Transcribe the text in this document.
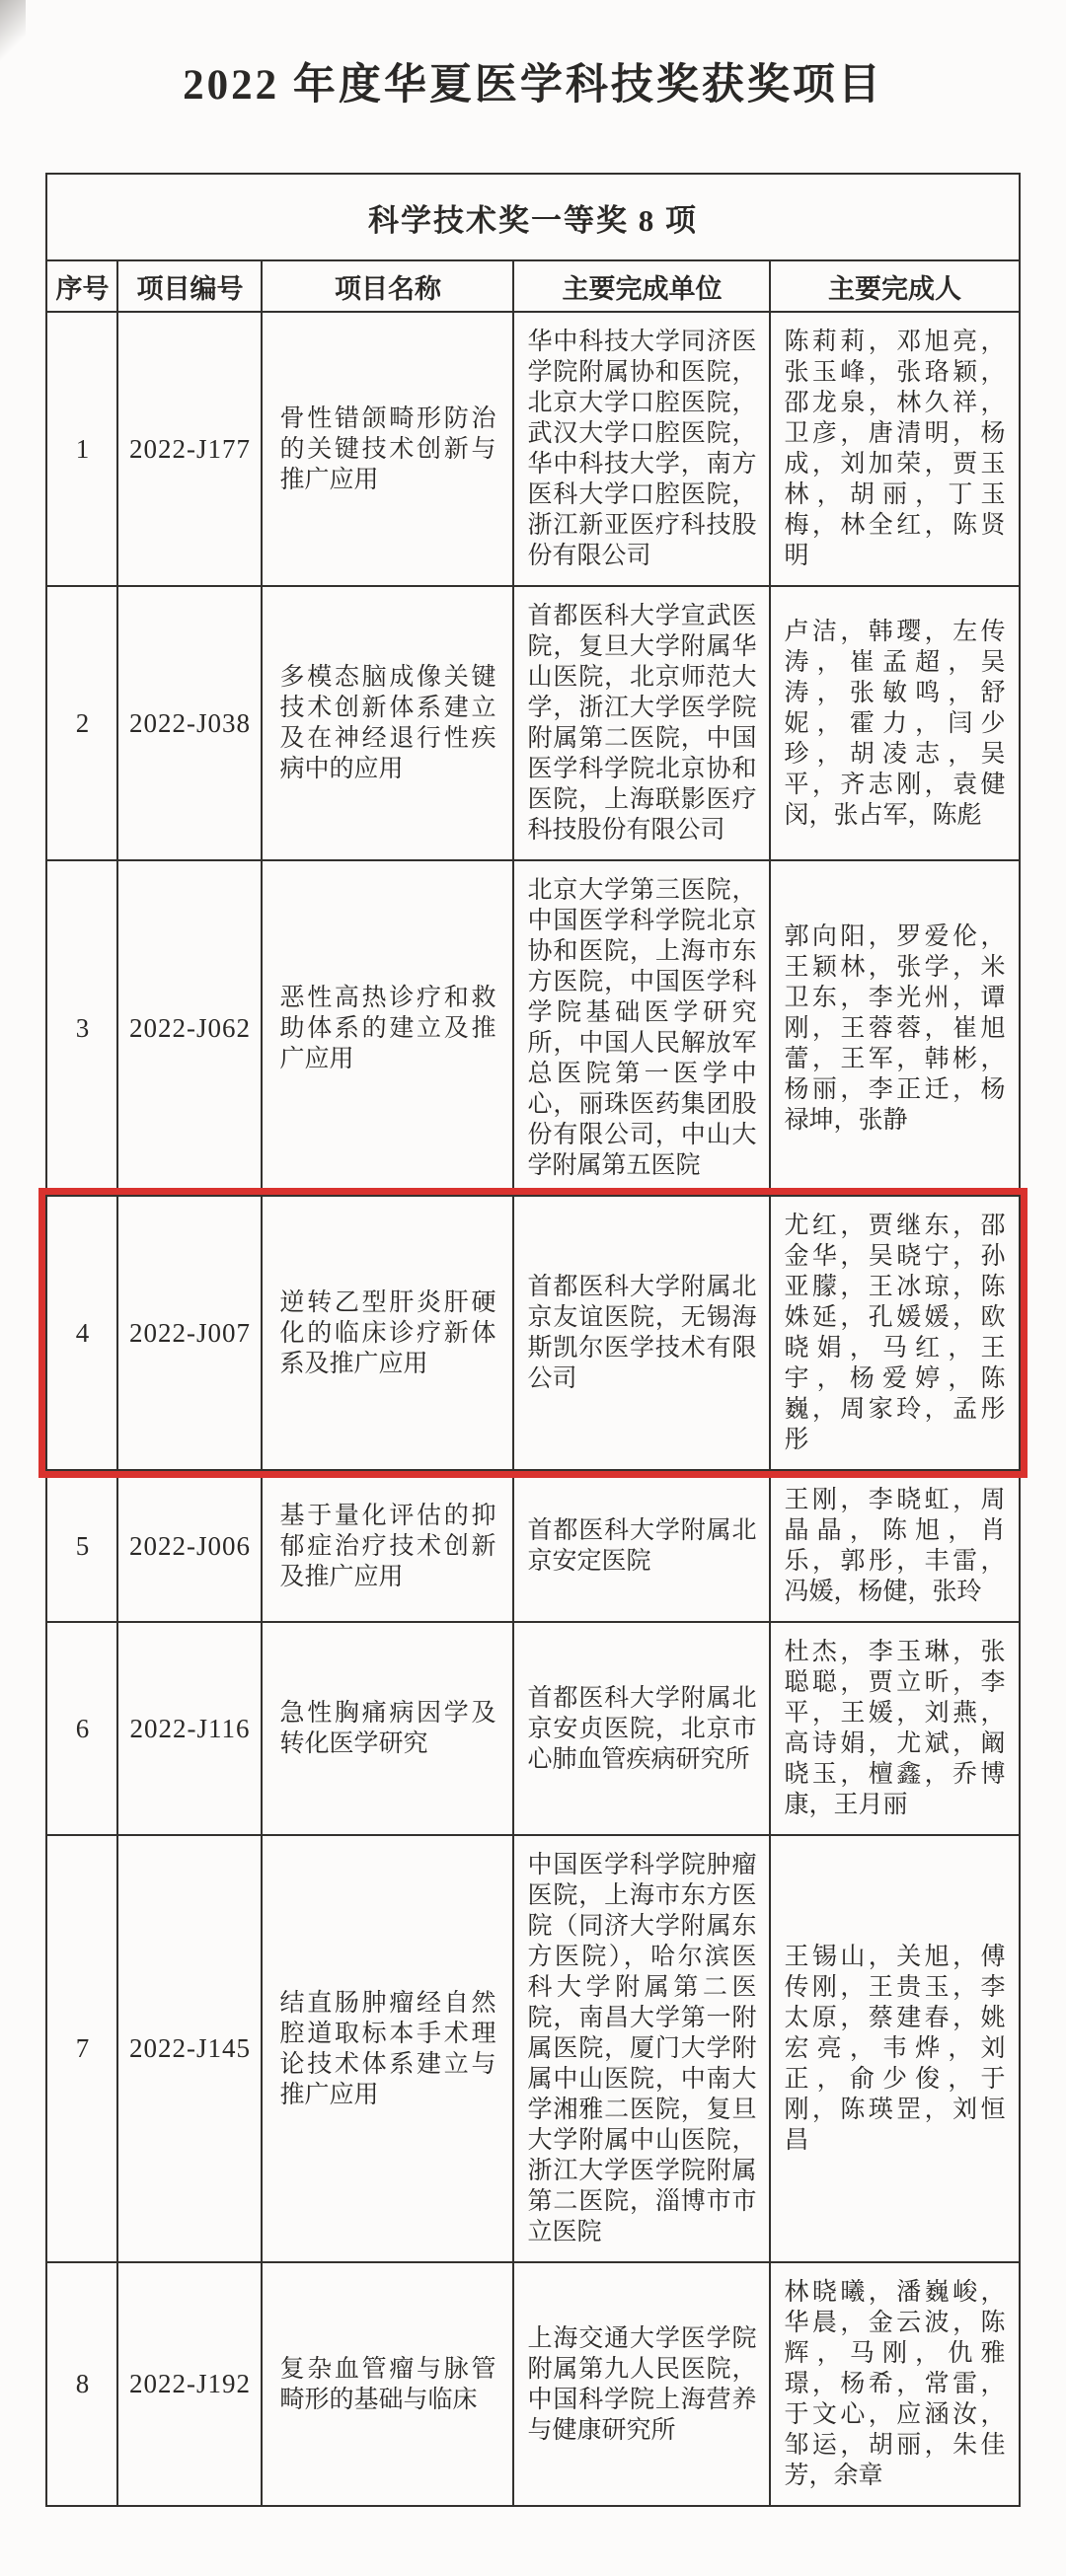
2022 年度华夏医学科技奖获奖项目
科学技术奖一等奖 8 项				
序号	项目编号	项目名称	主要完成单位	主要完成人
1	2022-J177	骨性错颌畸形防治的关键技术创新与推广应用	华中科技大学同济医学院附属协和医院，北京大学口腔医院，武汉大学口腔医院，华中科技大学，南方医科大学口腔医院，浙江新亚医疗科技股份有限公司	陈莉莉，邓旭亮，张玉峰，张珞颖，邵龙泉，林久祥，卫彦，唐清明，杨成，刘加荣，贾玉林，胡丽，丁玉梅，林全红，陈贤明
2	2022-J038	多模态脑成像关键技术创新体系建立及在神经退行性疾病中的应用	首都医科大学宣武医院，复旦大学附属华山医院，北京师范大学，浙江大学医学院附属第二医院，中国医学科学院北京协和医院，上海联影医疗科技股份有限公司	卢洁，韩璎，左传涛，崔孟超，吴涛，张敏鸣，舒妮，霍力，闫少珍，胡凌志，吴平，齐志刚，袁健闵，张占军，陈彪
3	2022-J062	恶性高热诊疗和救助体系的建立及推广应用	北京大学第三医院，中国医学科学院北京协和医院，上海市东方医院，中国医学科学院基础医学研究所，中国人民解放军总医院第一医学中心，丽珠医药集团股份有限公司，中山大学附属第五医院	郭向阳，罗爱伦，王颖林，张学，米卫东，李光州，谭刚，王蓉蓉，崔旭蕾，王军，韩彬，杨丽，李正迁，杨禄坤，张静
4	2022-J007	逆转乙型肝炎肝硬化的临床诊疗新体系及推广应用	首都医科大学附属北京友谊医院，无锡海斯凯尔医学技术有限公司	尤红，贾继东，邵金华，吴晓宁，孙亚朦，王冰琼，陈姝延，孔媛媛，欧晓娟，马红，王宇，杨爱婷，陈巍，周家玲，孟彤彤
5	2022-J006	基于量化评估的抑郁症治疗技术创新及推广应用	首都医科大学附属北京安定医院	王刚，李晓虹，周晶晶，陈旭，肖乐，郭彤，丰雷，冯媛，杨健，张玲
6	2022-J116	急性胸痛病因学及转化医学研究	首都医科大学附属北京安贞医院，北京市心肺血管疾病研究所	杜杰，李玉琳，张聪聪，贾立昕，李平，王媛，刘燕，高诗娟，尤斌，阚晓玉，檀鑫，乔博康，王月丽
7	2022-J145	结直肠肿瘤经自然腔道取标本手术理论技术体系建立与推广应用	中国医学科学院肿瘤医院，上海市东方医院（同济大学附属东方医院），哈尔滨医科大学附属第二医院，南昌大学第一附属医院，厦门大学附属中山医院，中南大学湘雅二医院，复旦大学附属中山医院，浙江大学医学院附属第二医院，淄博市市立医院	王锡山，关旭，傅传刚，王贵玉，李太原，蔡建春，姚宏亮，韦烨，刘正，俞少俊，于刚，陈瑛罡，刘恒昌
8	2022-J192	复杂血管瘤与脉管畸形的基础与临床	上海交通大学医学院附属第九人民医院，中国科学院上海营养与健康研究所	林晓曦，潘巍峻，华晨，金云波，陈辉，马刚，仇雅璟，杨希，常雷，于文心，应涵汝，邹运，胡丽，朱佳芳，余章
